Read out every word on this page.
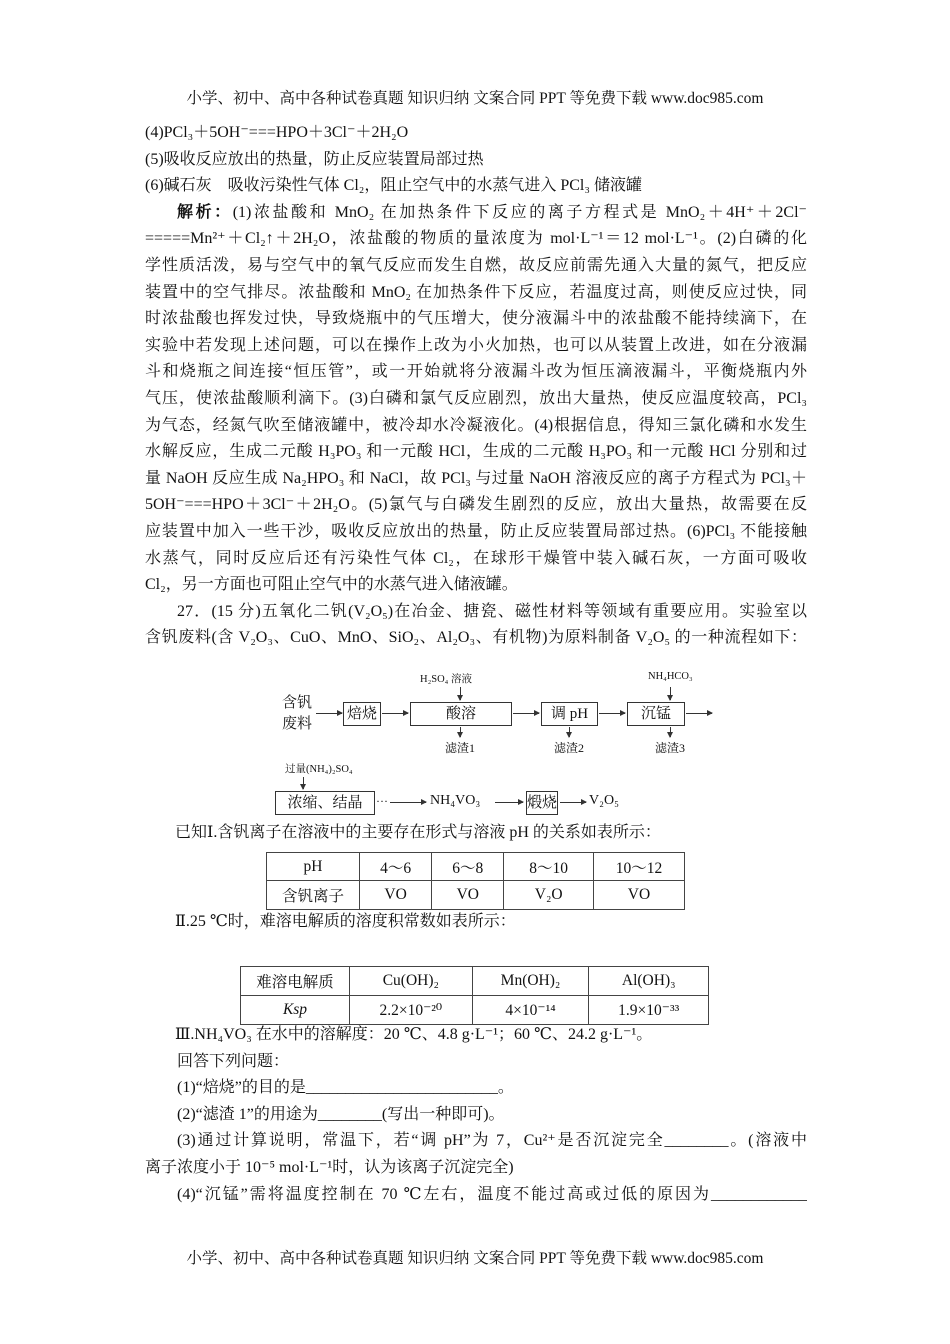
小学、初中、高中各种试卷真题 知识归纳 文案合同 PPT 等免费下载 www.doc985.com
(4)PCl₃＋5OH⁻===HPO＋3Cl⁻＋2H₂O
(5)吸收反应放出的热量，防止反应装置局部过热
(6)碱石灰　吸收污染性气体 Cl₂，阻止空气中的水蒸气进入 PCl₃ 储液罐
解析：(1)浓盐酸和 MnO₂ 在加热条件下反应的离子方程式是 MnO₂＋4H⁺＋2Cl⁻
=====Mn²⁺＋Cl₂↑＋2H₂O，浓盐酸的物质的量浓度为 mol·L⁻¹＝12 mol·L⁻¹。(2)白磷的化
学性质活泼，易与空气中的氧气反应而发生自燃，故反应前需先通入大量的氮气，把反应
装置中的空气排尽。浓盐酸和 MnO₂ 在加热条件下反应，若温度过高，则使反应过快，同
时浓盐酸也挥发过快，导致烧瓶中的气压增大，使分液漏斗中的浓盐酸不能持续滴下，在
实验中若发现上述问题，可以在操作上改为小火加热，也可以从装置上改进，如在分液漏
斗和烧瓶之间连接“恒压管”，或一开始就将分液漏斗改为恒压滴液漏斗，平衡烧瓶内外
气压，使浓盐酸顺利滴下。(3)白磷和氯气反应剧烈，放出大量热，使反应温度较高，PCl₃
为气态，经氮气吹至储液罐中，被冷却水冷凝液化。(4)根据信息，得知三氯化磷和水发生
水解反应，生成二元酸 H₃PO₃ 和一元酸 HCl，生成的二元酸 H₃PO₃ 和一元酸 HCl 分别和过
量 NaOH 反应生成 Na₂HPO₃ 和 NaCl，故 PCl₃ 与过量 NaOH 溶液反应的离子方程式为 PCl₃＋
5OH⁻===HPO＋3Cl⁻＋2H₂O。(5)氯气与白磷发生剧烈的反应，放出大量热，故需要在反
应装置中加入一些干沙，吸收反应放出的热量，防止反应装置局部过热。(6)PCl₃ 不能接触
水蒸气，同时反应后还有污染性气体 Cl₂，在球形干燥管中装入碱石灰，一方面可吸收
Cl₂，另一方面也可阻止空气中的水蒸气进入储液罐。
27．(15 分)五氧化二钒(V₂O₅)在冶金、搪瓷、磁性材料等领域有重要应用。实验室以
含钒废料(含 V₂O₃、CuO、MnO、SiO₂、Al₂O₃、有机物)为原料制备 V₂O₅ 的一种流程如下：
含钒
废料
焙烧
H₂SO₄ 溶液
酸溶
滤渣1
调 pH
滤渣2
NH₄HCO₃
沉锰
滤渣3
过量(NH₄)₂SO₄
浓缩、结晶	···	NH₄VO₃	煅烧 V₂O₅
已知Ⅰ.含钒离子在溶液中的主要存在形式与溶液 pH 的关系如表所示：
pH	4～6	6～8	8～10	10～12
含钒离子	VO	VO	V₂O	VO
Ⅱ.25 ℃时，难溶电解质的溶度积常数如表所示：
难溶电解质	Cu(OH)₂	Mn(OH)₂	Al(OH)₃
Ksp	2.2×10⁻²⁰	4×10⁻¹⁴	1.9×10⁻³³
Ⅲ.NH₄VO₃ 在水中的溶解度：20 ℃、4.8 g·L⁻¹；60 ℃、24.2 g·L⁻¹。
回答下列问题：
(1)“焙烧”的目的是________________________。
(2)“滤渣 1”的用途为________(写出一种即可)。
(3)通过计算说明，常温下，若“调 pH”为 7，Cu²⁺是否沉淀完全________。(溶液中
离子浓度小于 10⁻⁵ mol·L⁻¹时，认为该离子沉淀完全)
(4)“沉锰”需将温度控制在 70 ℃左右，温度不能过高或过低的原因为____________
小学、初中、高中各种试卷真题 知识归纳 文案合同 PPT 等免费下载 www.doc985.com
